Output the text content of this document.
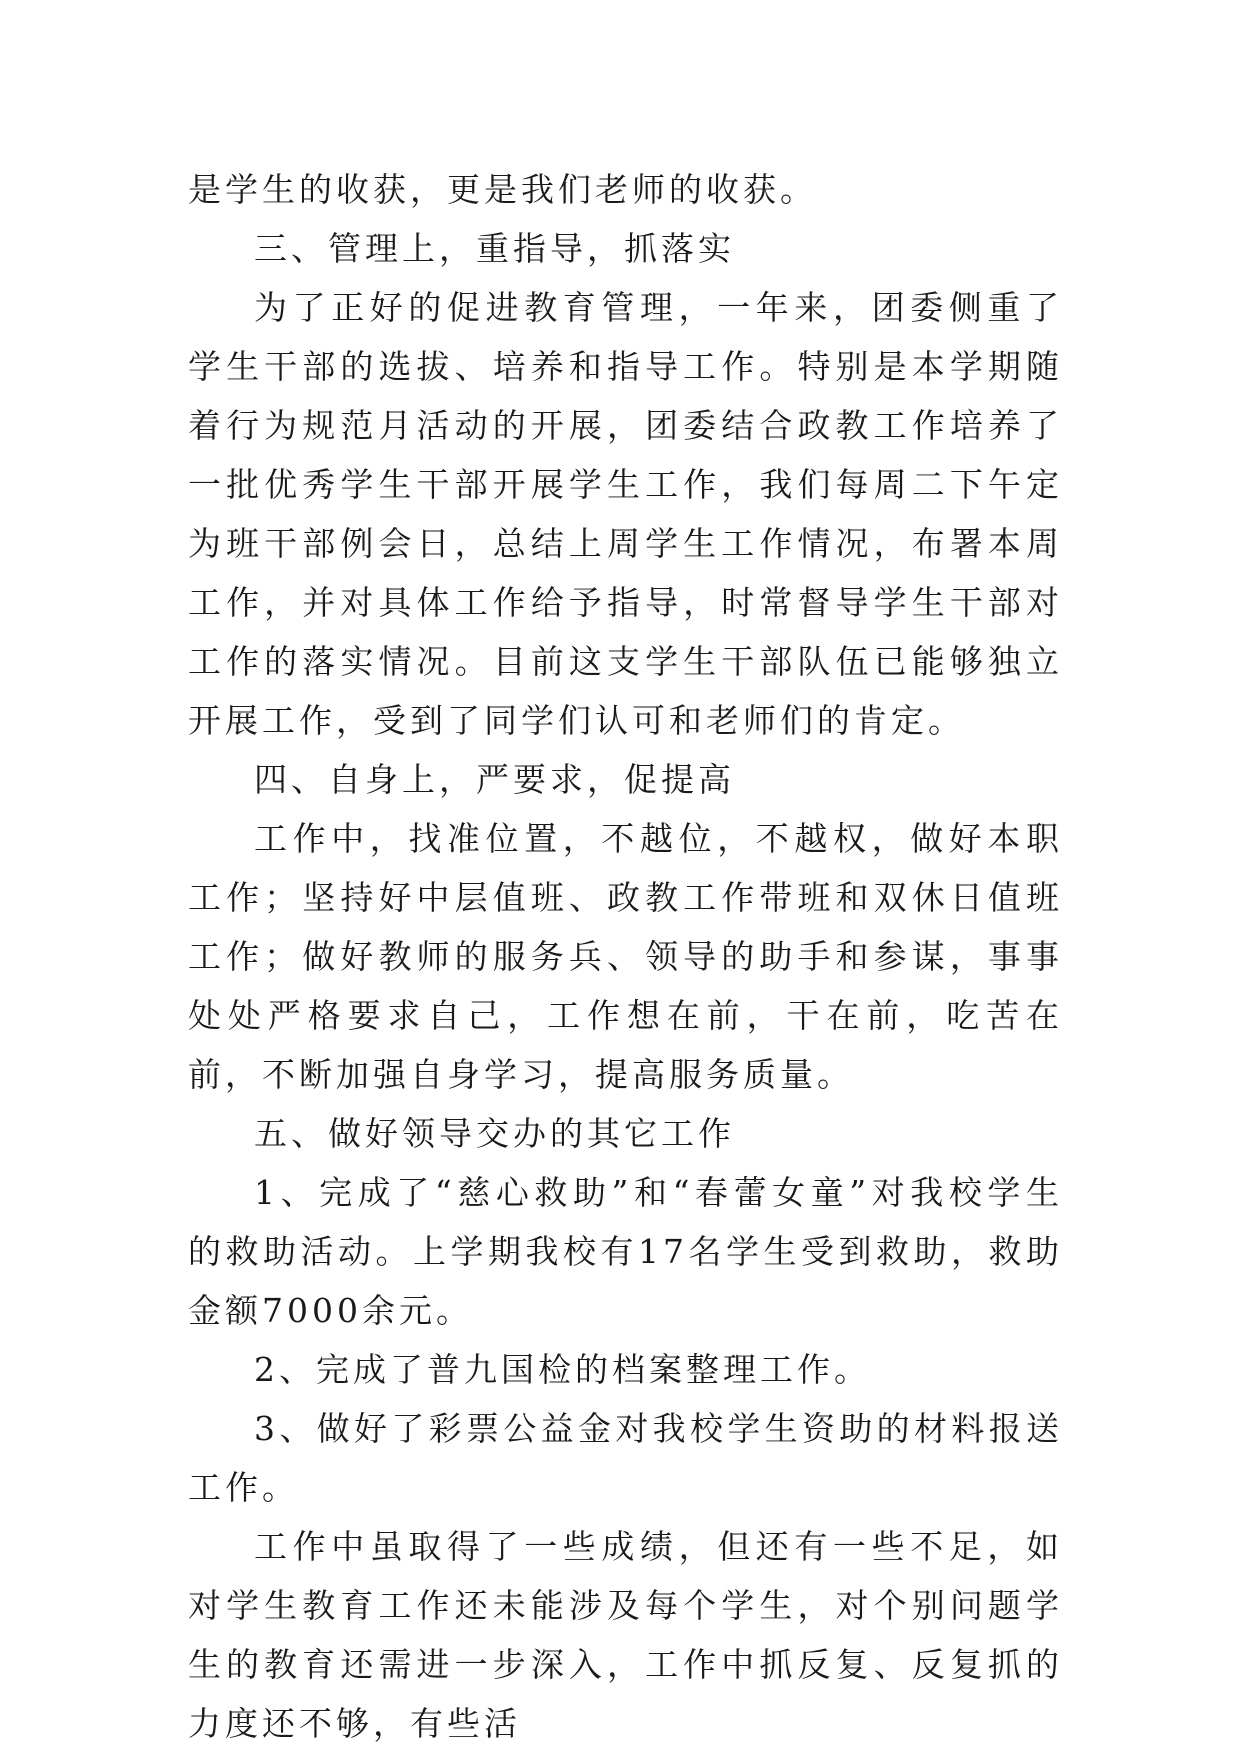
是学生的收获，更是我们老师的收获。

三、管理上，重指导，抓落实

为了正好的促进教育管理，一年来，团委侧重了学生干部的选拔、培养和指导工作。特别是本学期随着行为规范月活动的开展，团委结合政教工作培养了一批优秀学生干部开展学生工作，我们每周二下午定为班干部例会日，总结上周学生工作情况，布署本周工作，并对具体工作给予指导，时常督导学生干部对工作的落实情况。目前这支学生干部队伍已能够独立开展工作，受到了同学们认可和老师们的肯定。

四、自身上，严要求，促提高

工作中，找准位置，不越位，不越权，做好本职工作；坚持好中层值班、政教工作带班和双休日值班工作；做好教师的服务兵、领导的助手和参谋，事事处处严格要求自己，工作想在前，干在前，吃苦在前，不断加强自身学习，提高服务质量。

五、做好领导交办的其它工作

1、完成了“慈心救助”和“春蕾女童”对我校学生的救助活动。上学期我校有17名学生受到救助，救助金额7000余元。

2、完成了普九国检的档案整理工作。

3、做好了彩票公益金对我校学生资助的材料报送工作。

工作中虽取得了一些成绩，但还有一些不足，如对学生教育工作还未能涉及每个学生，对个别问题学生的教育还需进一步深入，工作中抓反复、反复抓的力度还不够，有些活
